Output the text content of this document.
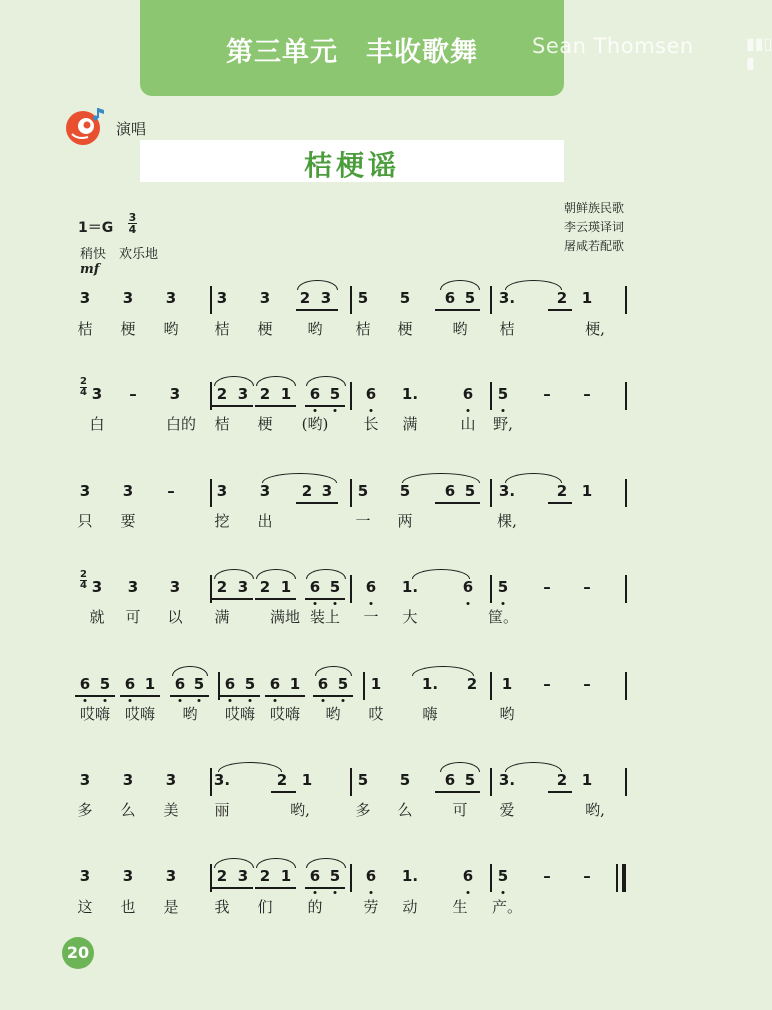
第三单元　丰收歌舞	Sean Thomsen	▮▮▯ ▮
演唱
桔梗谣
朝鲜族民歌
李云瑛译词
屠咸若配歌
1＝G
3
4
稍快　欢乐地
mf
3 3 3	3 3 2 3 5 5 6 5 3.	2 1
桔 梗 哟 桔 梗 哟 桔 梗	哟 桔	梗,
2
4 3 – 3 2 3 2 1 6 5 6 1.	6 5 – –
白	白的 桔 梗 (哟) 长 满	山 野,
3 3 –	3 3 2 3 5 5 6 5 3.	2 1
只 要	挖 出	一 两	棵,
2
4 3 3 3 2 3 2 1 6 5 6 1.	6 5 – –
就 可 以 满	满地 装上 一 大	筐。
6 5 6 1 6 5 6 5 6 1 6 5 1	1. 2 1 – –
哎嗨 哎嗨 哟 哎嗨 哎嗨 哟 哎	嗨	哟
3 3 3	3.	2 1	5 5 6 5 3.	2 1
多 么 美 丽	哟,	多 么	可 爱	哟,
3 3 3	2 3 2 1 6 5 6 1.	6 5 – –
这 也 是 我 们 的	劳 动 生 产。
20
